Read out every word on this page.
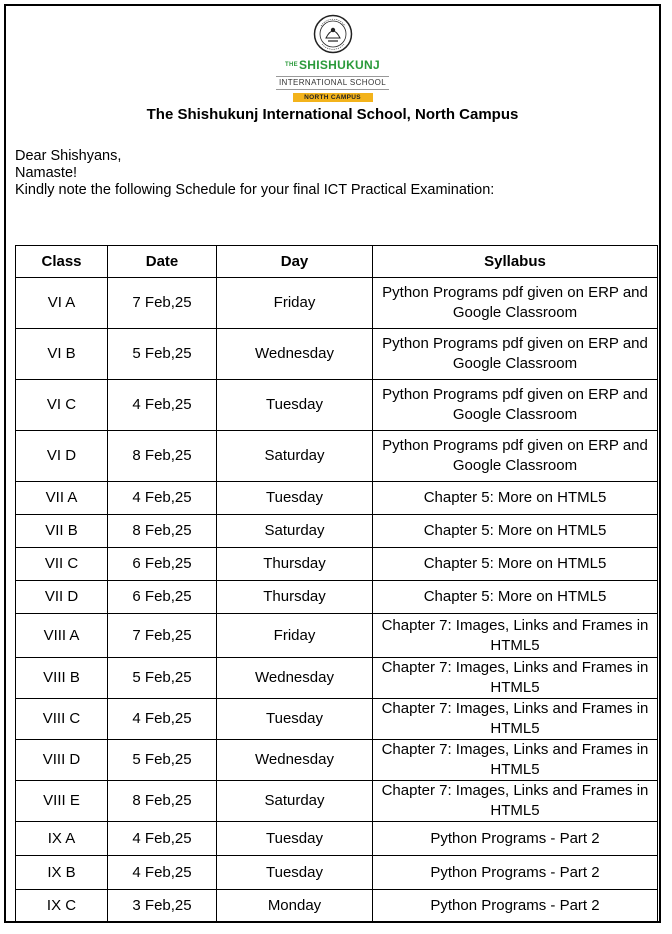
$^{THE}$SHISHUKUNJ
INTERNATIONAL SCHOOL
NORTH CAMPUS
The Shishukunj International School, North Campus
Dear Shishyans,
Namaste!
Kindly note the following Schedule for your final ICT Practical Examination:
Class	Date	Day	Syllabus
VI A	7 Feb,25	Friday	Python Programs pdf given on ERP and Google Classroom
VI B	5 Feb,25	Wednesday	Python Programs pdf given on ERP and Google Classroom
VI C	4 Feb,25	Tuesday	Python Programs pdf given on ERP and Google Classroom
VI D	8 Feb,25	Saturday	Python Programs pdf given on ERP and Google Classroom
VII A	4 Feb,25	Tuesday	Chapter 5: More on HTML5
VII B	8 Feb,25	Saturday	Chapter 5: More on HTML5
VII C	6 Feb,25	Thursday	Chapter 5: More on HTML5
VII D	6 Feb,25	Thursday	Chapter 5: More on HTML5
VIII A	7 Feb,25	Friday	Chapter 7: Images, Links and Frames in HTML5
VIII B	5 Feb,25	Wednesday	Chapter 7: Images, Links and Frames in HTML5
VIII C	4 Feb,25	Tuesday	Chapter 7: Images, Links and Frames in HTML5
VIII D	5 Feb,25	Wednesday	Chapter 7: Images, Links and Frames in HTML5
VIII E	8 Feb,25	Saturday	Chapter 7: Images, Links and Frames in HTML5
IX A	4 Feb,25	Tuesday	Python Programs - Part 2
IX B	4 Feb,25	Tuesday	Python Programs - Part 2
IX C	3 Feb,25	Monday	Python Programs - Part 2
